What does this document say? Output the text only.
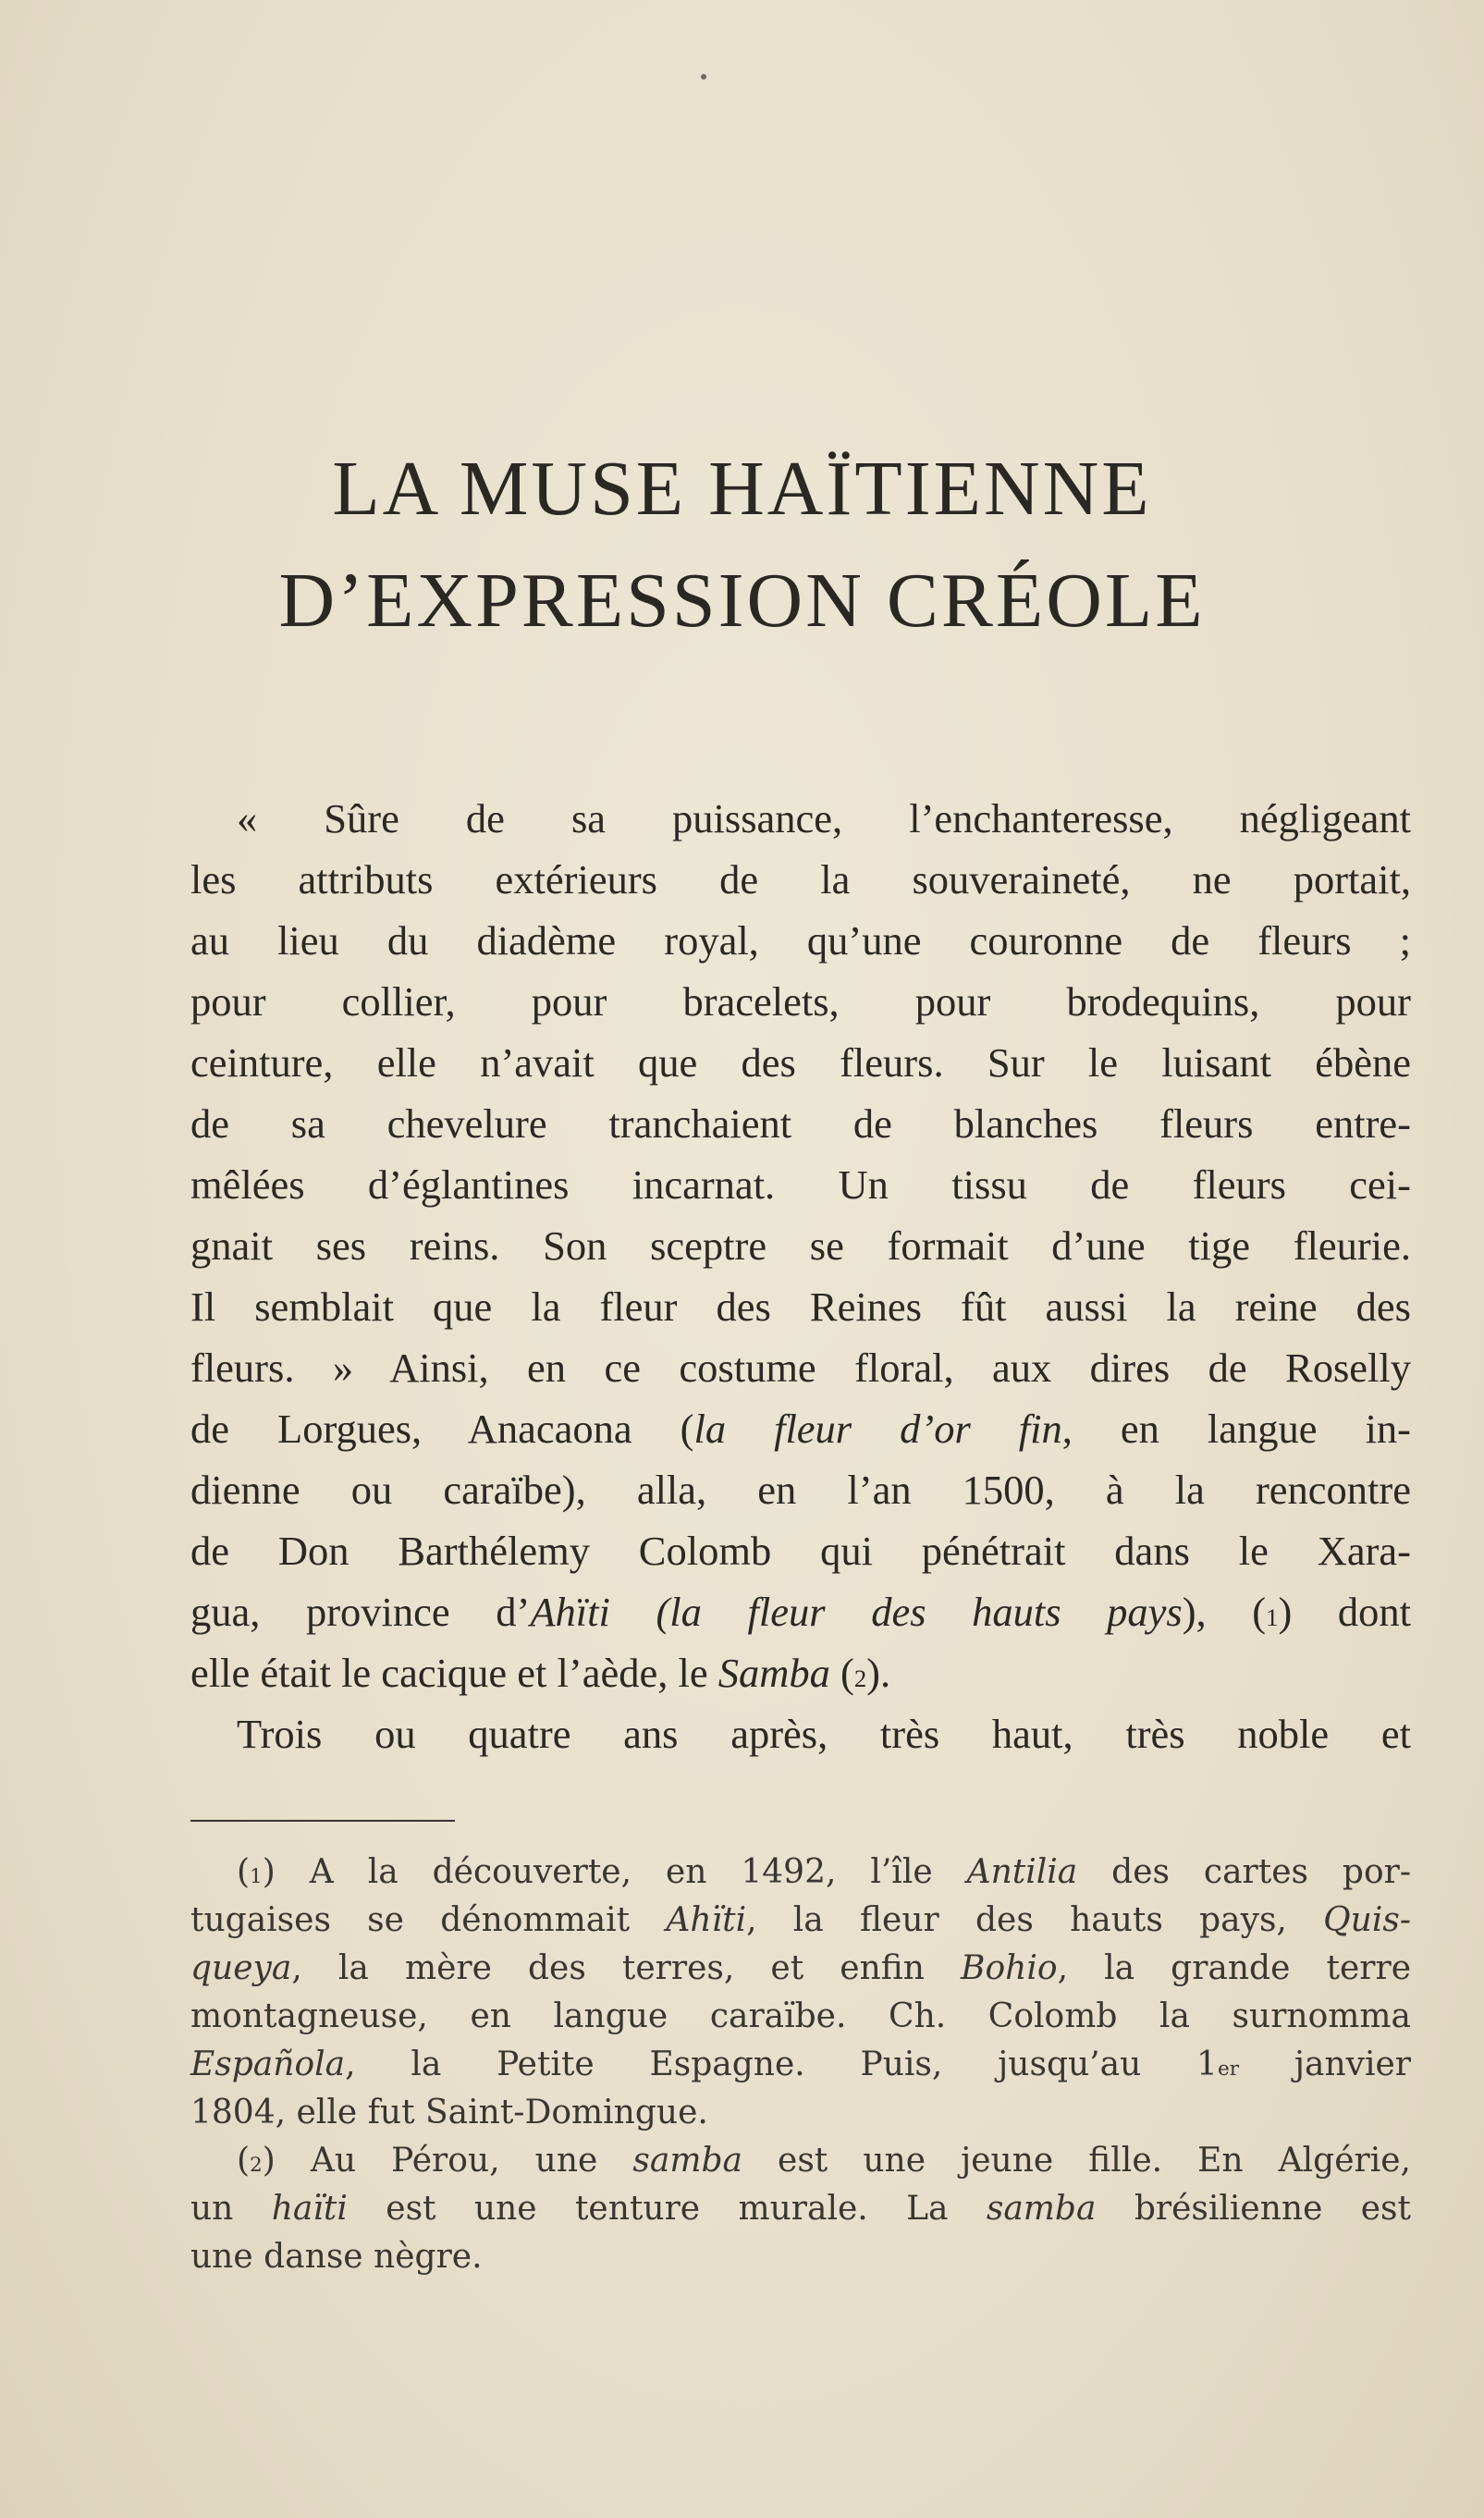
LA MUSE HAÏTIENNE
D’EXPRESSION CRÉOLE
« Sûre de sa puissance, l’enchanteresse, négligeant
les attributs extérieurs de la souveraineté, ne portait,
au lieu du diadème royal, qu’une couronne de fleurs ;
pour collier, pour bracelets, pour brodequins, pour
ceinture, elle n’avait que des fleurs. Sur le luisant ébène
de sa chevelure tranchaient de blanches fleurs entre-
mêlées d’églantines incarnat. Un tissu de fleurs cei-
gnait ses reins. Son sceptre se formait d’une tige fleurie.
Il semblait que la fleur des Reines fût aussi la reine des
fleurs. » Ainsi, en ce costume floral, aux dires de Roselly
de Lorgues, Anacaona (la fleur d’or fin, en langue in-
dienne ou caraïbe), alla, en l’an 1500, à la rencontre
de Don Barthélemy Colomb qui pénétrait dans le Xara-
gua, province d’Ahïti (la fleur des hauts pays), ($^1$) dont
elle était le cacique et l’aède, le Samba ($^2$).
Trois ou quatre ans après, très haut, très noble et
($^1$) A la découverte, en 1492, l’île Antilia des cartes por-
tugaises se dénommait Ahïti, la fleur des hauts pays, Quis-
queya, la mère des terres, et enfin Bohio, la grande terre
montagneuse, en langue caraïbe. Ch. Colomb la surnomma
Española, la Petite Espagne. Puis, jusqu’au 1er janvier
1804, elle fut Saint-Domingue.
($^2$) Au Pérou, une samba est une jeune fille. En Algérie,
un haïti est une tenture murale. La samba brésilienne est
une danse nègre.
